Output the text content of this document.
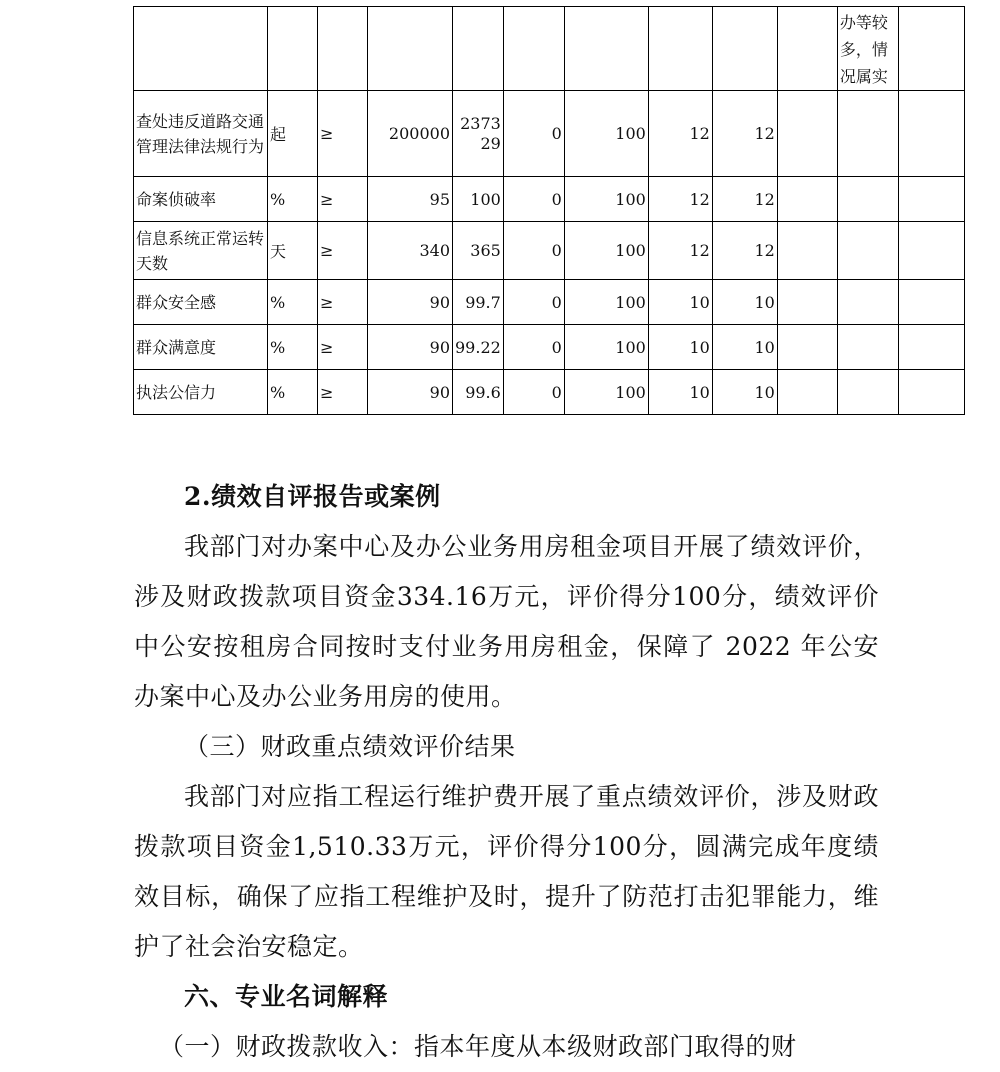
										办等较多，情况属实	
查处违反道路交通管理法律法规行为	起	≥	200000	237329	0	100	12	12			
命案侦破率	%	≥	95	100	0	100	12	12			
信息系统正常运转天数	天	≥	340	365	0	100	12	12			
群众安全感	%	≥	90	99.7	0	100	10	10			
群众满意度	%	≥	90	99.22	0	100	10	10			
执法公信力	%	≥	90	99.6	0	100	10	10			

2.绩效自评报告或案例

我部门对办案中心及办公业务用房租金项目开展了绩效评价，涉及财政拨款项目资金334.16万元，评价得分100分，绩效评价中公安按租房合同按时支付业务用房租金，保障了 2022 年公安办案中心及办公业务用房的使用。

（三）财政重点绩效评价结果

我部门对应指工程运行维护费开展了重点绩效评价，涉及财政拨款项目资金1,510.33万元，评价得分100分，圆满完成年度绩效目标，确保了应指工程维护及时，提升了防范打击犯罪能力，维护了社会治安稳定。

六、专业名词解释

（一）财政拨款收入：指本年度从本级财政部门取得的财
